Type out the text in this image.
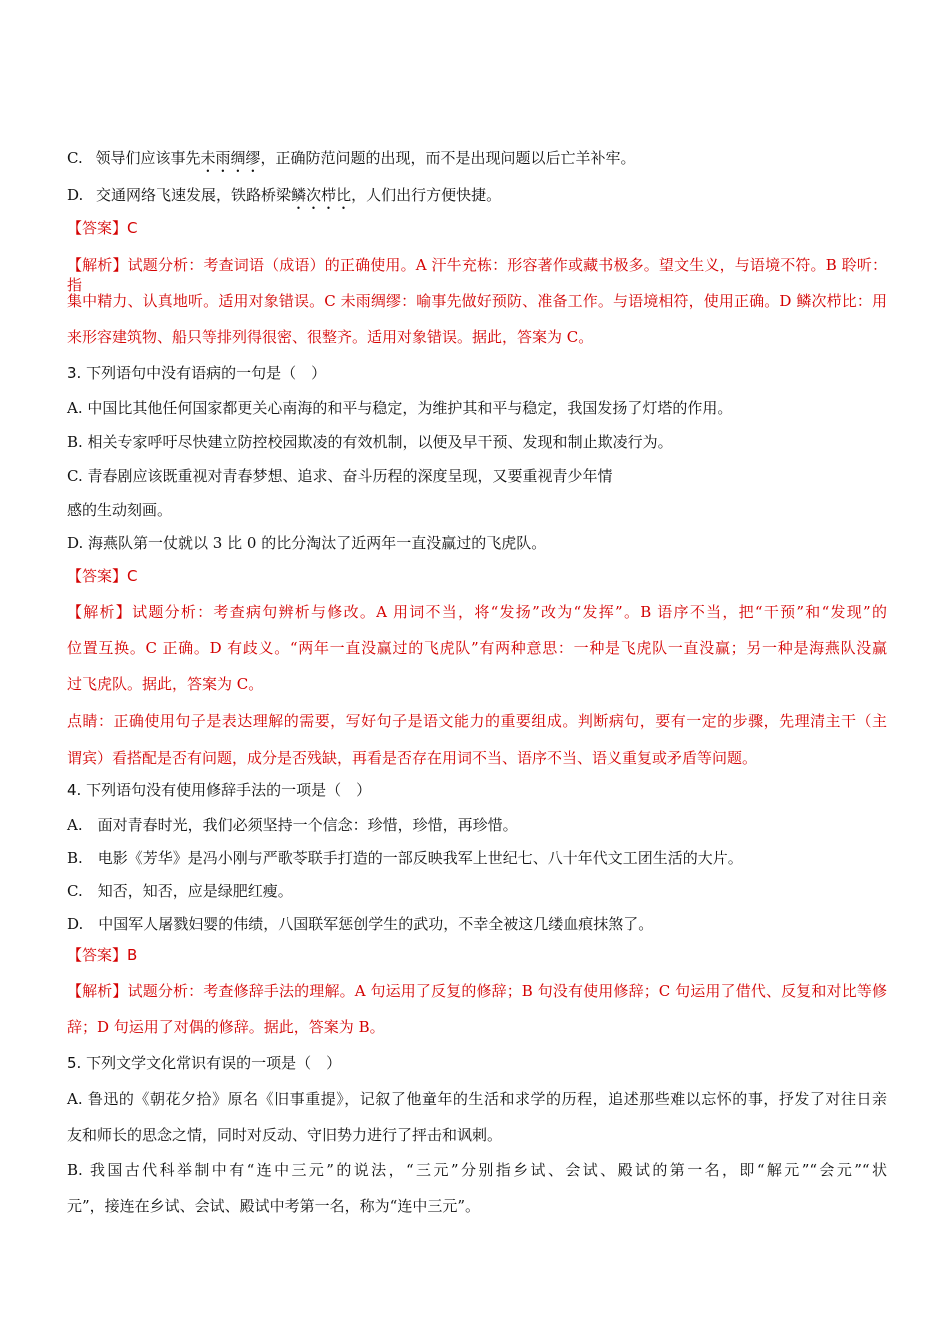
C. 领导们应该事先未雨绸缪，正确防范问题的出现，而不是出现问题以后亡羊补牢。
D. 交通网络飞速发展，铁路桥梁鳞次栉比，人们出行方便快捷。
【答案】C
【解析】试题分析：考查词语（成语）的正确使用。A 汗牛充栋：形容著作或藏书极多。望文生义，与语境不符。B 聆听：指
集中精力、认真地听。适用对象错误。C 未雨绸缪：喻事先做好预防、准备工作。与语境相符，使用正确。D 鳞次栉比：用
来形容建筑物、船只等排列得很密、很整齐。适用对象错误。据此，答案为 C。
3. 下列语句中没有语病的一句是（　）
A. 中国比其他任何国家都更关心南海的和平与稳定，为维护其和平与稳定，我国发扬了灯塔的作用。
B. 相关专家呼吁尽快建立防控校园欺凌的有效机制，以便及早干预、发现和制止欺凌行为。
C. 青春剧应该既重视对青春梦想、追求、奋斗历程的深度呈现，又要重视青少年情
感的生动刻画。
D. 海燕队第一仗就以 3 比 0 的比分淘汰了近两年一直没赢过的飞虎队。
【答案】C
【解析】试题分析：考查病句辨析与修改。A 用词不当，将“发扬”改为“发挥”。B 语序不当，把“干预”和“发现”的
位置互换。C 正确。D 有歧义。“两年一直没赢过的飞虎队”有两种意思：一种是飞虎队一直没赢；另一种是海燕队没赢
过飞虎队。据此，答案为 C。
点睛：正确使用句子是表达理解的需要，写好句子是语文能力的重要组成。判断病句，要有一定的步骤，先理清主干（主
谓宾）看搭配是否有问题，成分是否残缺，再看是否存在用词不当、语序不当、语义重复或矛盾等问题。
4. 下列语句没有使用修辞手法的一项是（　）
A.　面对青春时光，我们必须坚持一个信念：珍惜，珍惜，再珍惜。
B.　电影《芳华》是冯小刚与严歌苓联手打造的一部反映我军上世纪七、八十年代文工团生活的大片。
C.　知否，知否，应是绿肥红瘦。
D.　中国军人屠戮妇婴的伟绩，八国联军惩创学生的武功，不幸全被这几缕血痕抹煞了。
【答案】B
【解析】试题分析：考查修辞手法的理解。A 句运用了反复的修辞；B 句没有使用修辞；C 句运用了借代、反复和对比等修
辞；D 句运用了对偶的修辞。据此，答案为 B。
5. 下列文学文化常识有误的一项是（　）
A. 鲁迅的《朝花夕拾》原名《旧事重提》，记叙了他童年的生活和求学的历程，追述那些难以忘怀的事，抒发了对往日亲
友和师长的思念之情，同时对反动、守旧势力进行了抨击和讽刺。
B. 我国古代科举制中有“连中三元”的说法，“三元”分别指乡试、会试、殿试的第一名，即“解元”“会元”“状
元”，接连在乡试、会试、殿试中考第一名，称为“连中三元”。
